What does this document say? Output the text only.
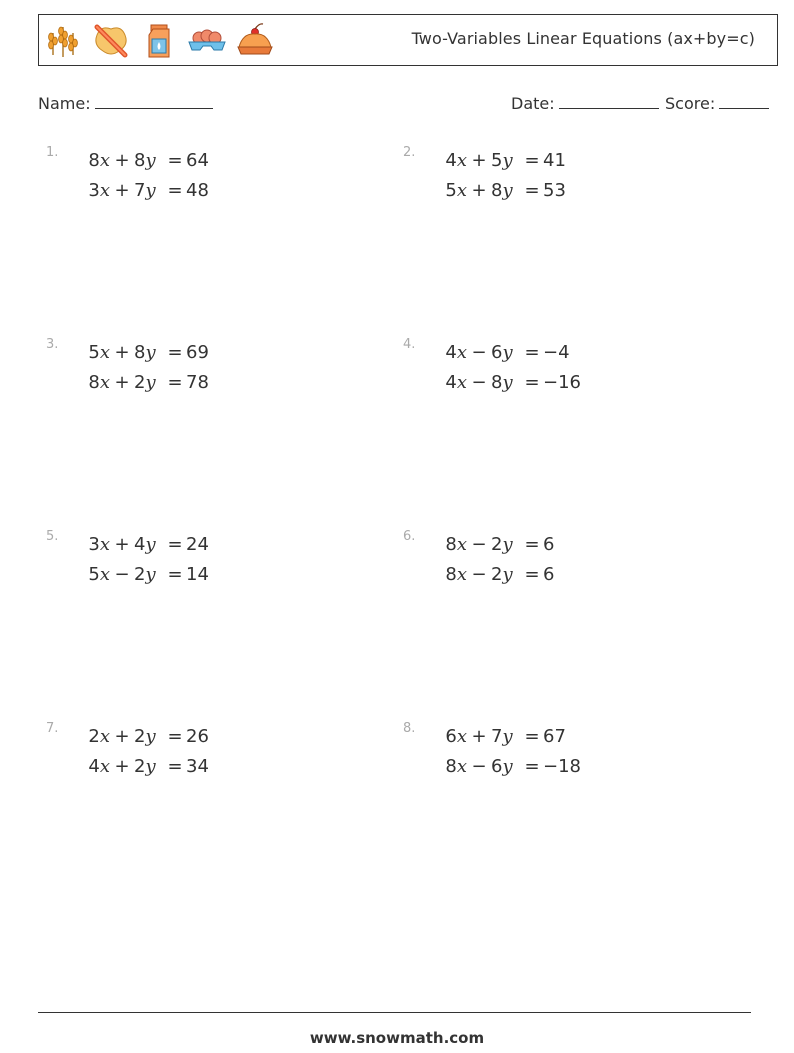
Two-Variables Linear Equations (ax+by=c)
Name:	Date:	Score:
1.	8x + 8y = 64
3x + 7y = 48
2.	4x + 5y = 41
5x + 8y = 53
3.	5x + 8y = 69
8x + 2y = 78
4.	4x − 6y = −4
4x − 8y = −16
5.	3x + 4y = 24
5x − 2y = 14
6.	8x − 2y = 6
8x − 2y = 6
7.	2x + 2y = 26
4x + 2y = 34
8.	6x + 7y = 67
8x − 6y = −18
www.snowmath.com
